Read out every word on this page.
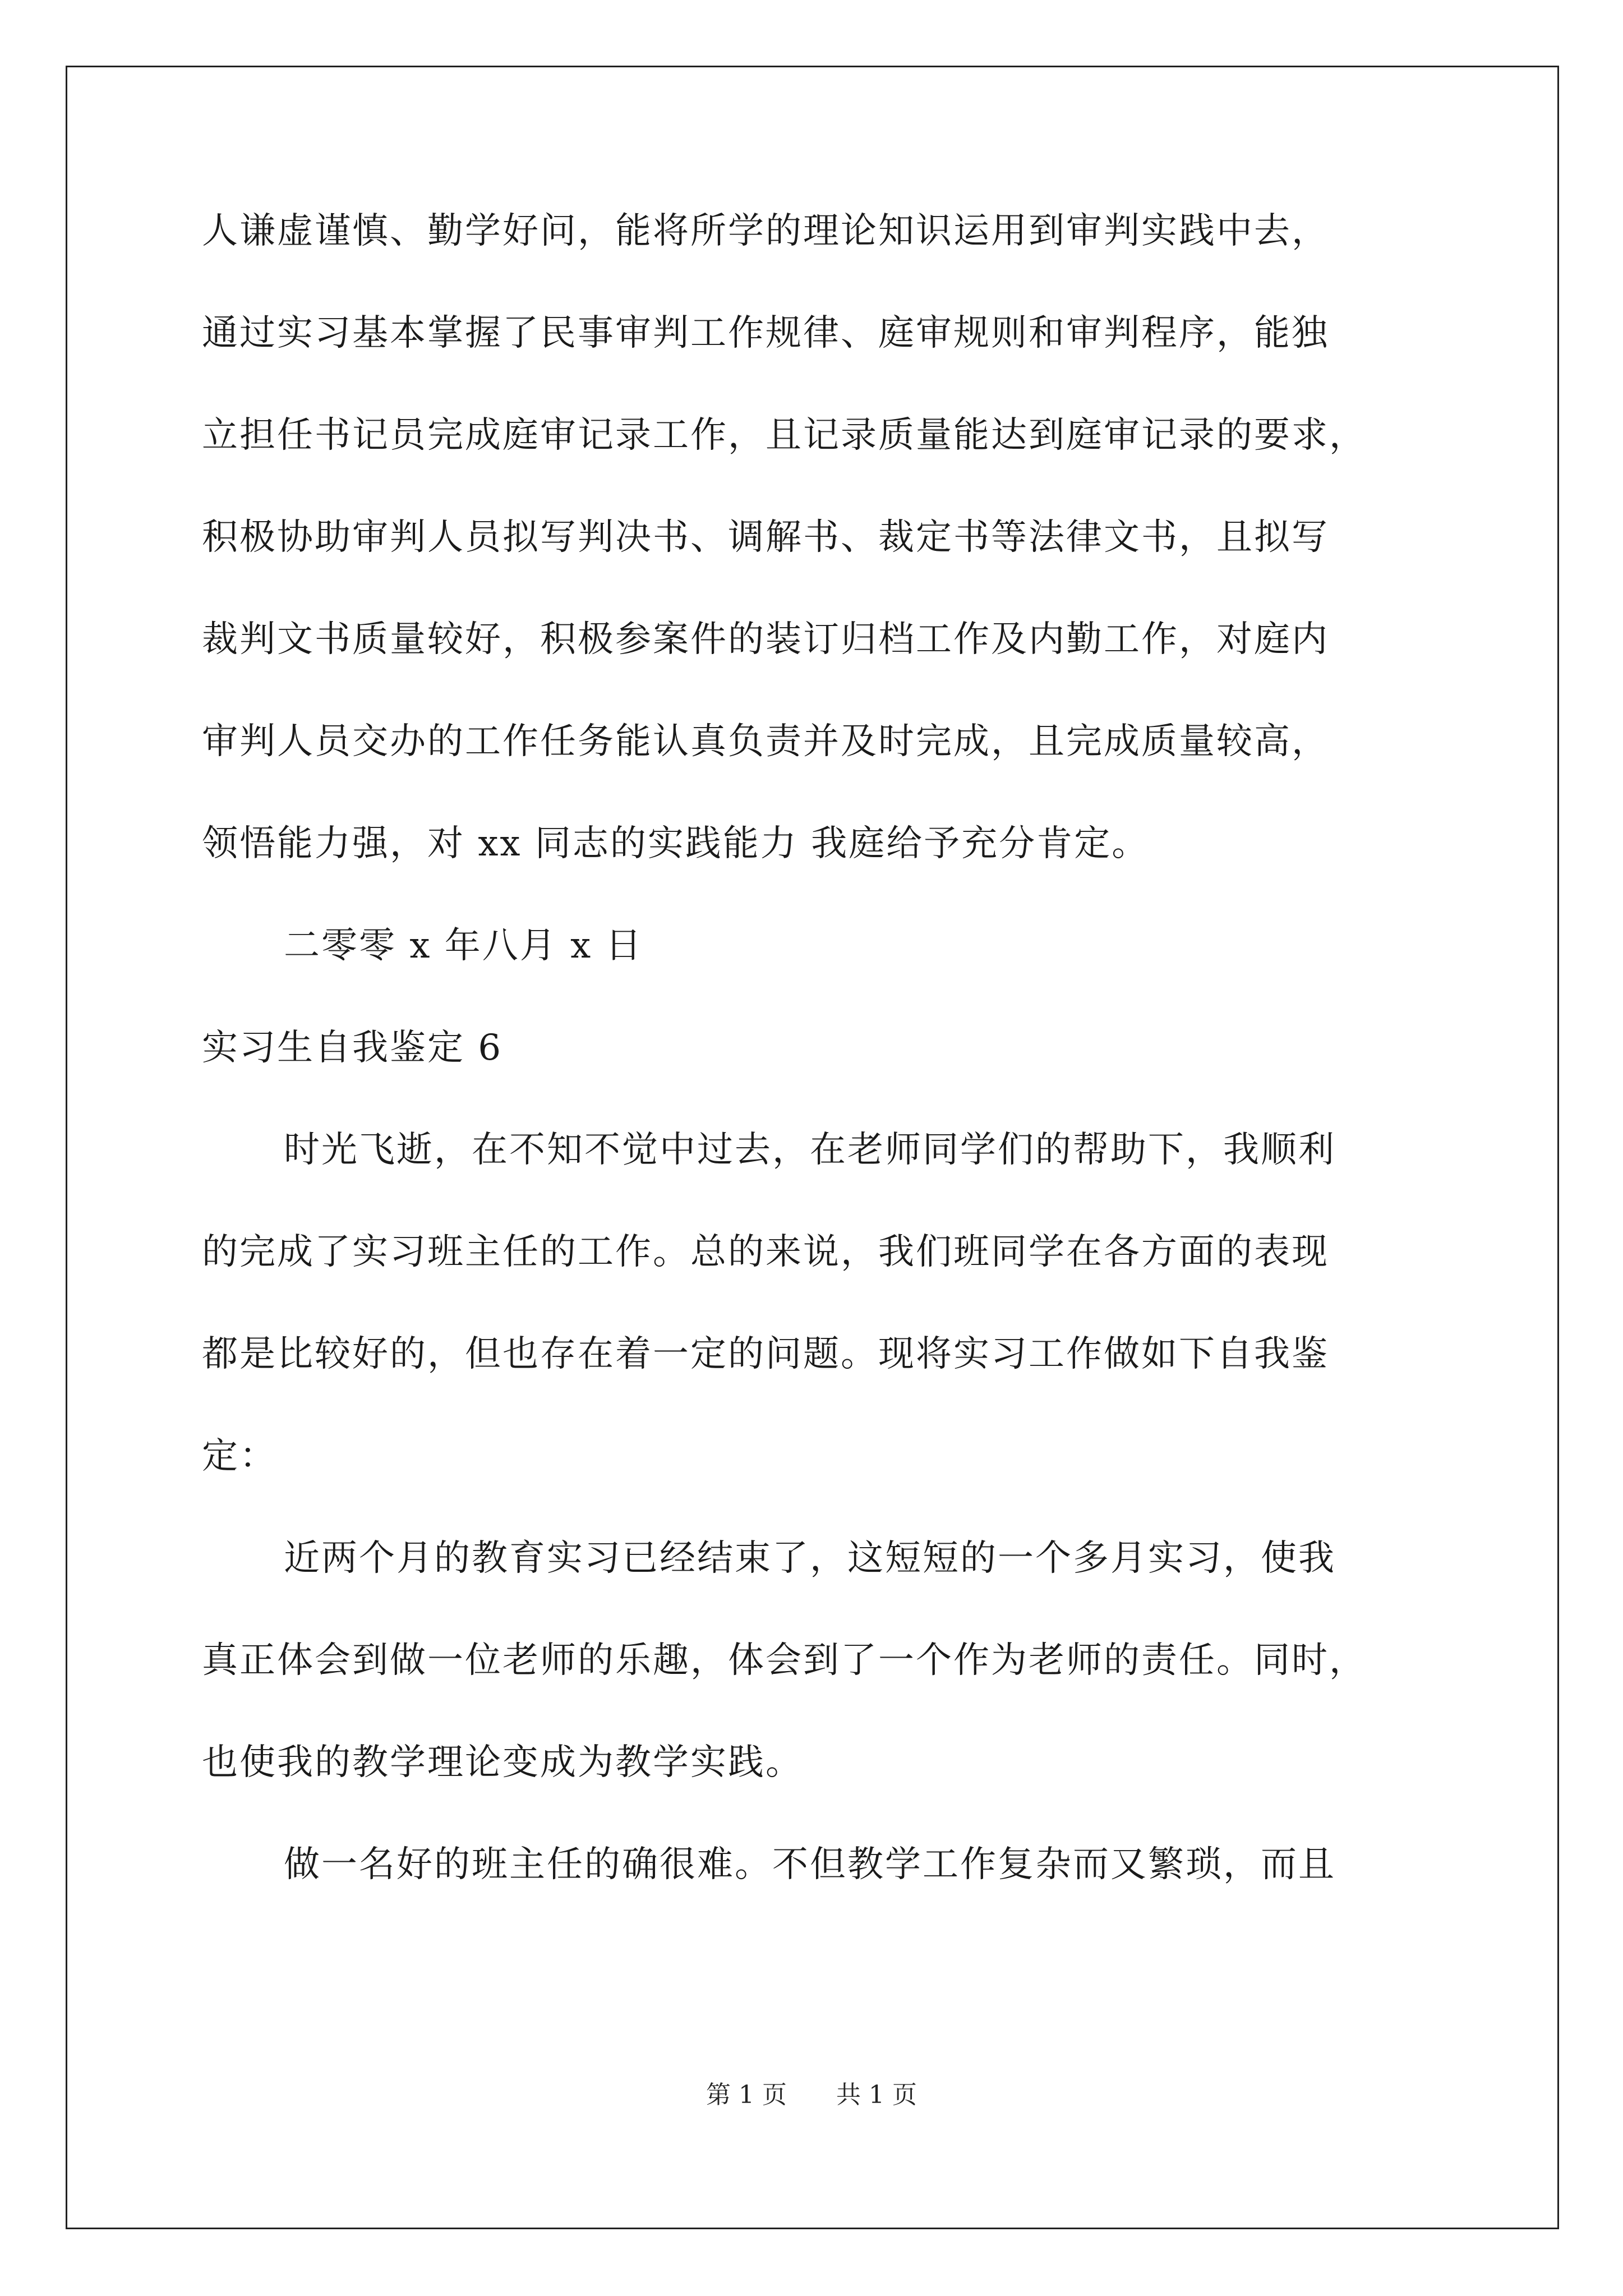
人谦虚谨慎、勤学好问，能将所学的理论知识运用到审判实践中去，
通过实习基本掌握了民事审判工作规律、庭审规则和审判程序，能独
立担任书记员完成庭审记录工作，且记录质量能达到庭审记录的要求，
积极协助审判人员拟写判决书、调解书、裁定书等法律文书，且拟写
裁判文书质量较好，积极参案件的装订归档工作及内勤工作，对庭内
审判人员交办的工作任务能认真负责并及时完成，且完成质量较高，
领悟能力强，对 xx 同志的实践能力 我庭给予充分肯定。
二零零 x 年八月 x 日
实习生自我鉴定 6
时光飞逝，在不知不觉中过去，在老师同学们的帮助下，我顺利
的完成了实习班主任的工作。总的来说，我们班同学在各方面的表现
都是比较好的，但也存在着一定的问题。现将实习工作做如下自我鉴
定：
近两个月的教育实习已经结束了，这短短的一个多月实习，使我
真正体会到做一位老师的乐趣，体会到了一个作为老师的责任。同时，
也使我的教学理论变成为教学实践。
做一名好的班主任的确很难。不但教学工作复杂而又繁琐，而且
第 1 页 共 1 页
